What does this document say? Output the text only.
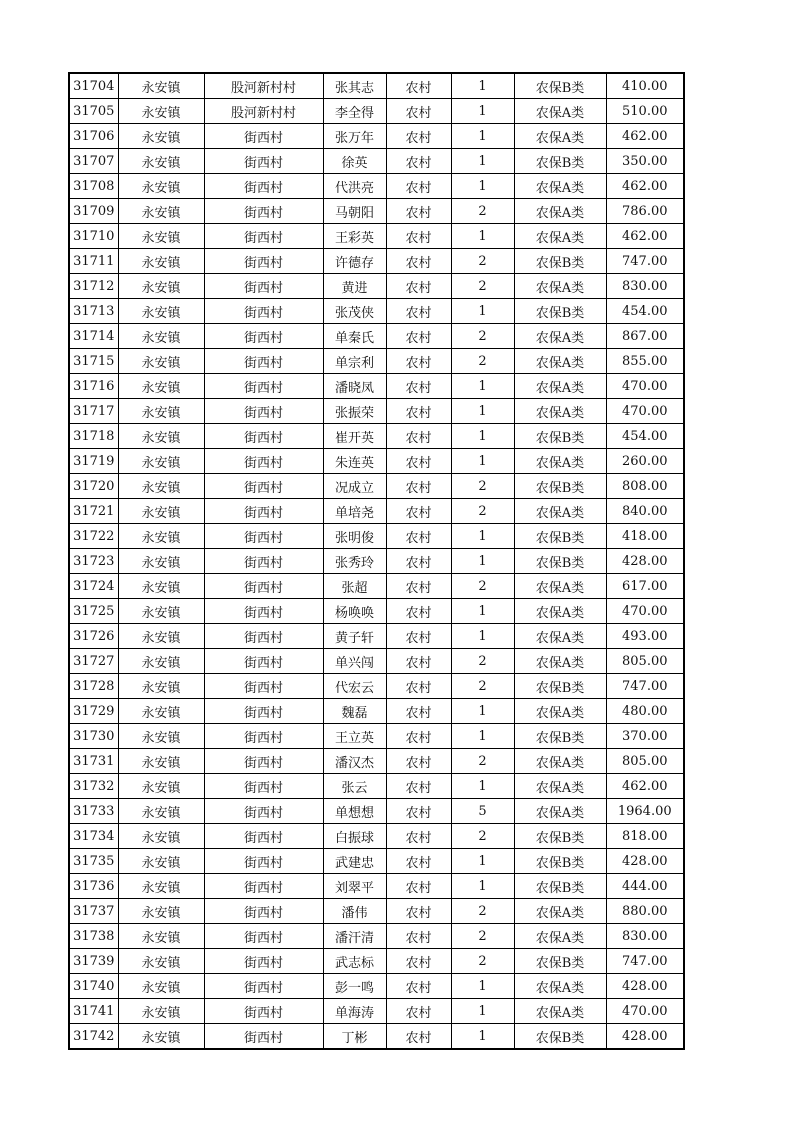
31704	永安镇	股河新村村	张其志	农村	1	农保B类	410.00
31705	永安镇	股河新村村	李全得	农村	1	农保A类	510.00
31706	永安镇	街西村	张万年	农村	1	农保A类	462.00
31707	永安镇	街西村	徐英	农村	1	农保B类	350.00
31708	永安镇	街西村	代洪亮	农村	1	农保A类	462.00
31709	永安镇	街西村	马朝阳	农村	2	农保A类	786.00
31710	永安镇	街西村	王彩英	农村	1	农保A类	462.00
31711	永安镇	街西村	许德存	农村	2	农保B类	747.00
31712	永安镇	街西村	黄进	农村	2	农保A类	830.00
31713	永安镇	街西村	张茂侠	农村	1	农保B类	454.00
31714	永安镇	街西村	单秦氏	农村	2	农保A类	867.00
31715	永安镇	街西村	单宗利	农村	2	农保A类	855.00
31716	永安镇	街西村	潘晓凤	农村	1	农保A类	470.00
31717	永安镇	街西村	张振荣	农村	1	农保A类	470.00
31718	永安镇	街西村	崔开英	农村	1	农保B类	454.00
31719	永安镇	街西村	朱连英	农村	1	农保A类	260.00
31720	永安镇	街西村	况成立	农村	2	农保B类	808.00
31721	永安镇	街西村	单培尧	农村	2	农保A类	840.00
31722	永安镇	街西村	张明俊	农村	1	农保B类	418.00
31723	永安镇	街西村	张秀玲	农村	1	农保B类	428.00
31724	永安镇	街西村	张超	农村	2	农保A类	617.00
31725	永安镇	街西村	杨唤唤	农村	1	农保A类	470.00
31726	永安镇	街西村	黄子轩	农村	1	农保A类	493.00
31727	永安镇	街西村	单兴闯	农村	2	农保A类	805.00
31728	永安镇	街西村	代宏云	农村	2	农保B类	747.00
31729	永安镇	街西村	魏磊	农村	1	农保A类	480.00
31730	永安镇	街西村	王立英	农村	1	农保B类	370.00
31731	永安镇	街西村	潘汉杰	农村	2	农保A类	805.00
31732	永安镇	街西村	张云	农村	1	农保A类	462.00
31733	永安镇	街西村	单想想	农村	5	农保A类	1964.00
31734	永安镇	街西村	白振球	农村	2	农保B类	818.00
31735	永安镇	街西村	武建忠	农村	1	农保B类	428.00
31736	永安镇	街西村	刘翠平	农村	1	农保B类	444.00
31737	永安镇	街西村	潘伟	农村	2	农保A类	880.00
31738	永安镇	街西村	潘汗清	农村	2	农保A类	830.00
31739	永安镇	街西村	武志标	农村	2	农保B类	747.00
31740	永安镇	街西村	彭一鸣	农村	1	农保A类	428.00
31741	永安镇	街西村	单海涛	农村	1	农保A类	470.00
31742	永安镇	街西村	丁彬	农村	1	农保B类	428.00
